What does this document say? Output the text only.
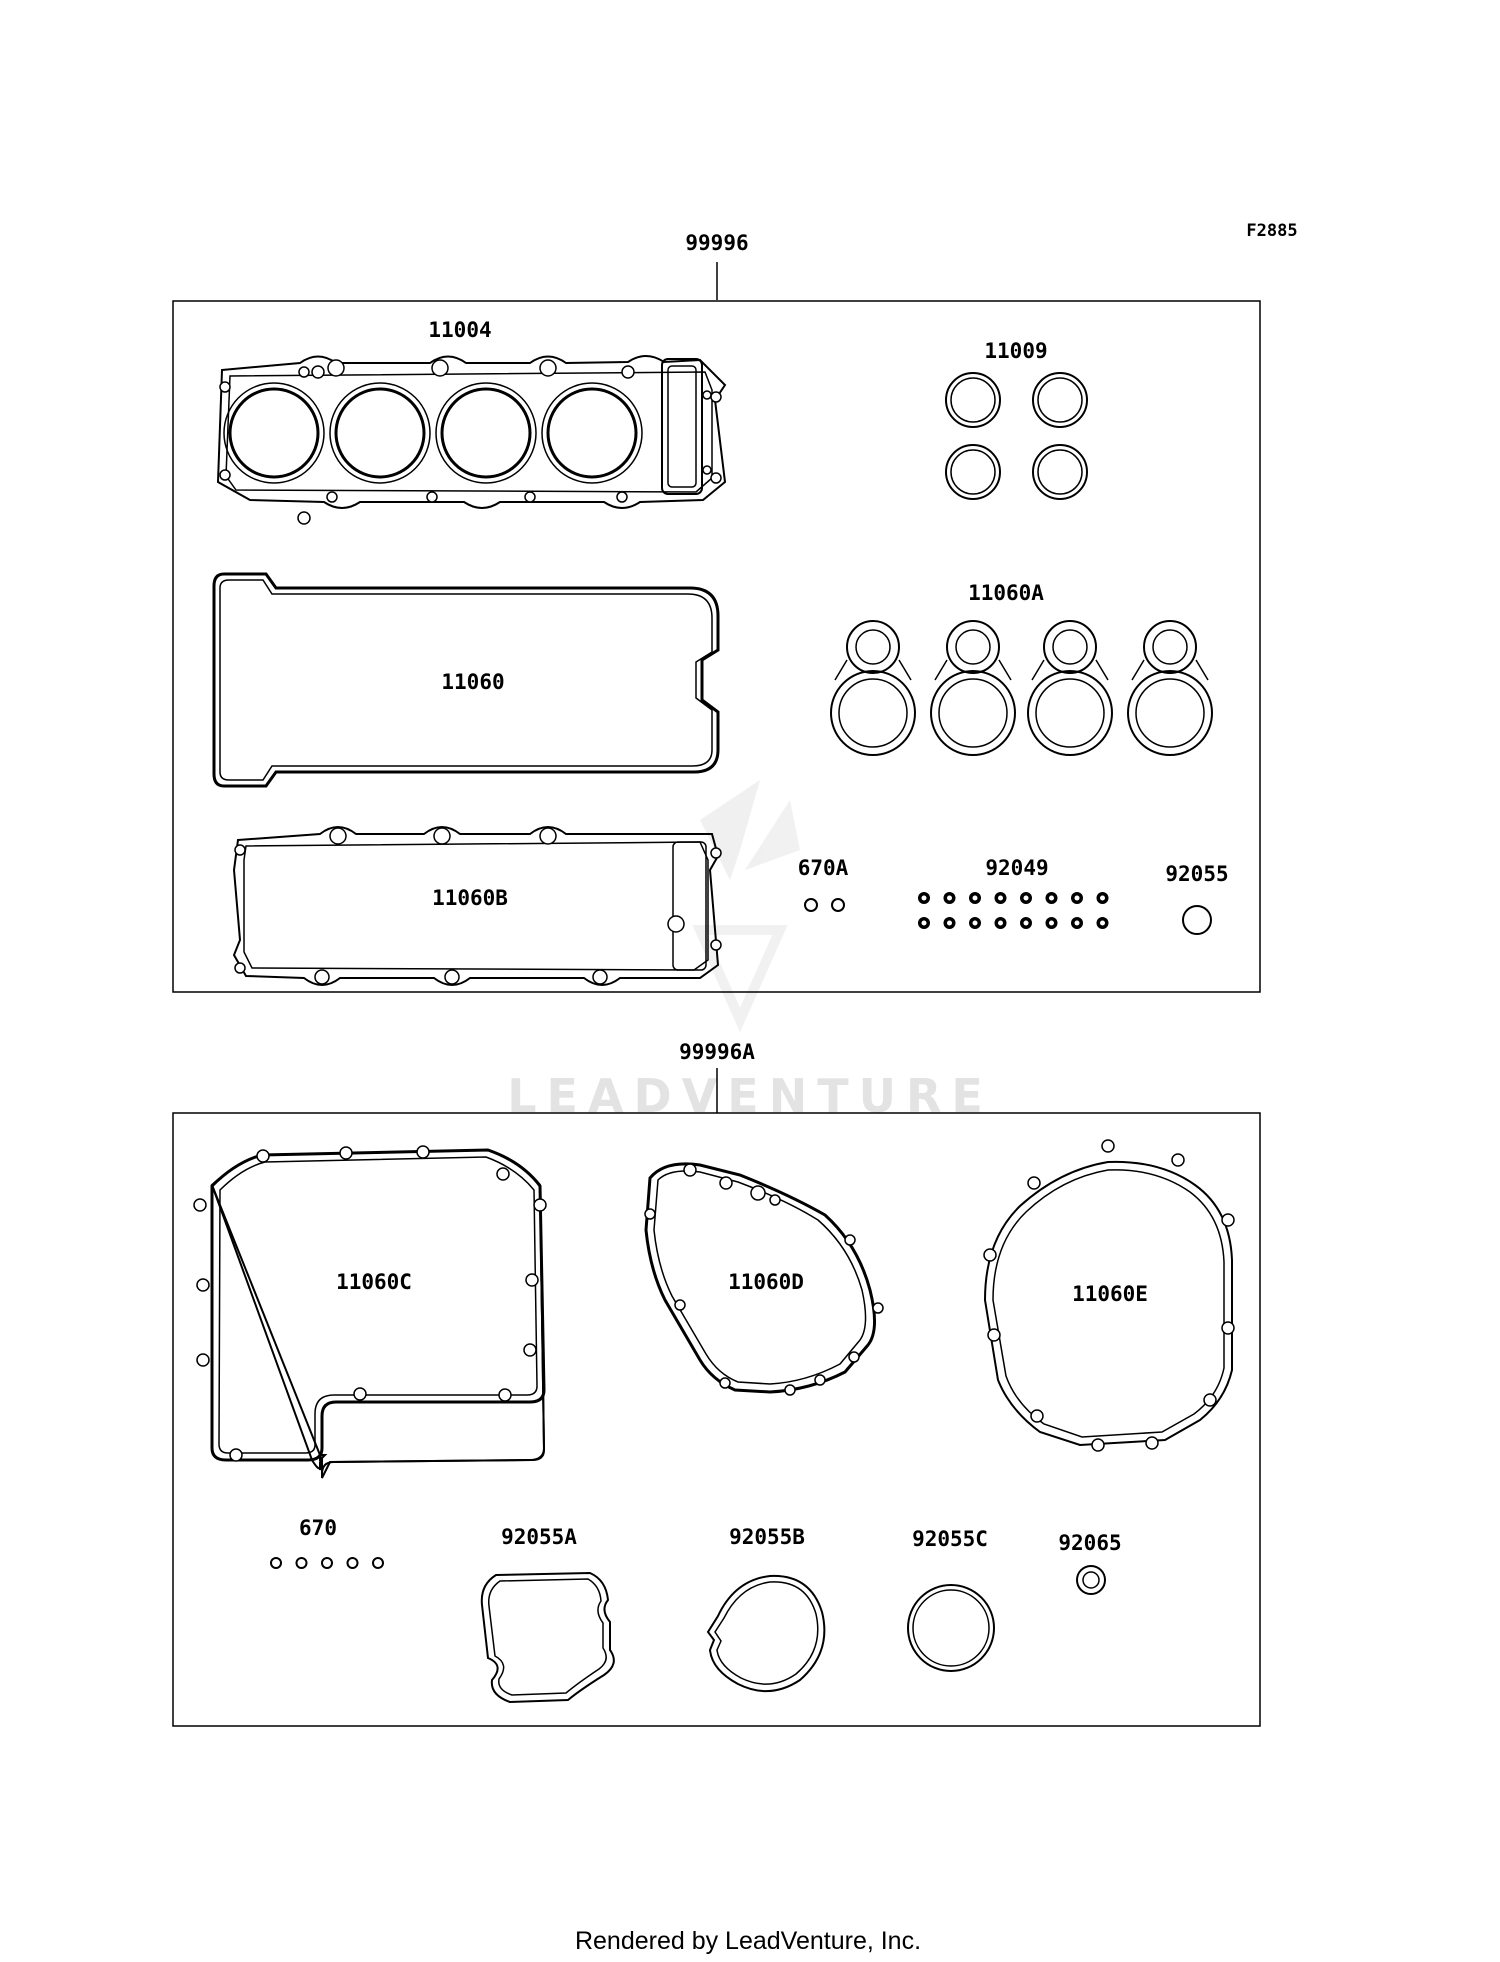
LEADVENTURE
F2885
99996
11004
11009
11060
11060A
11060B
670A	92049	92055
99996A
11060C	11060D	11060E
670	92055A	92055B	92055C	92065
Rendered by LeadVenture, Inc.
